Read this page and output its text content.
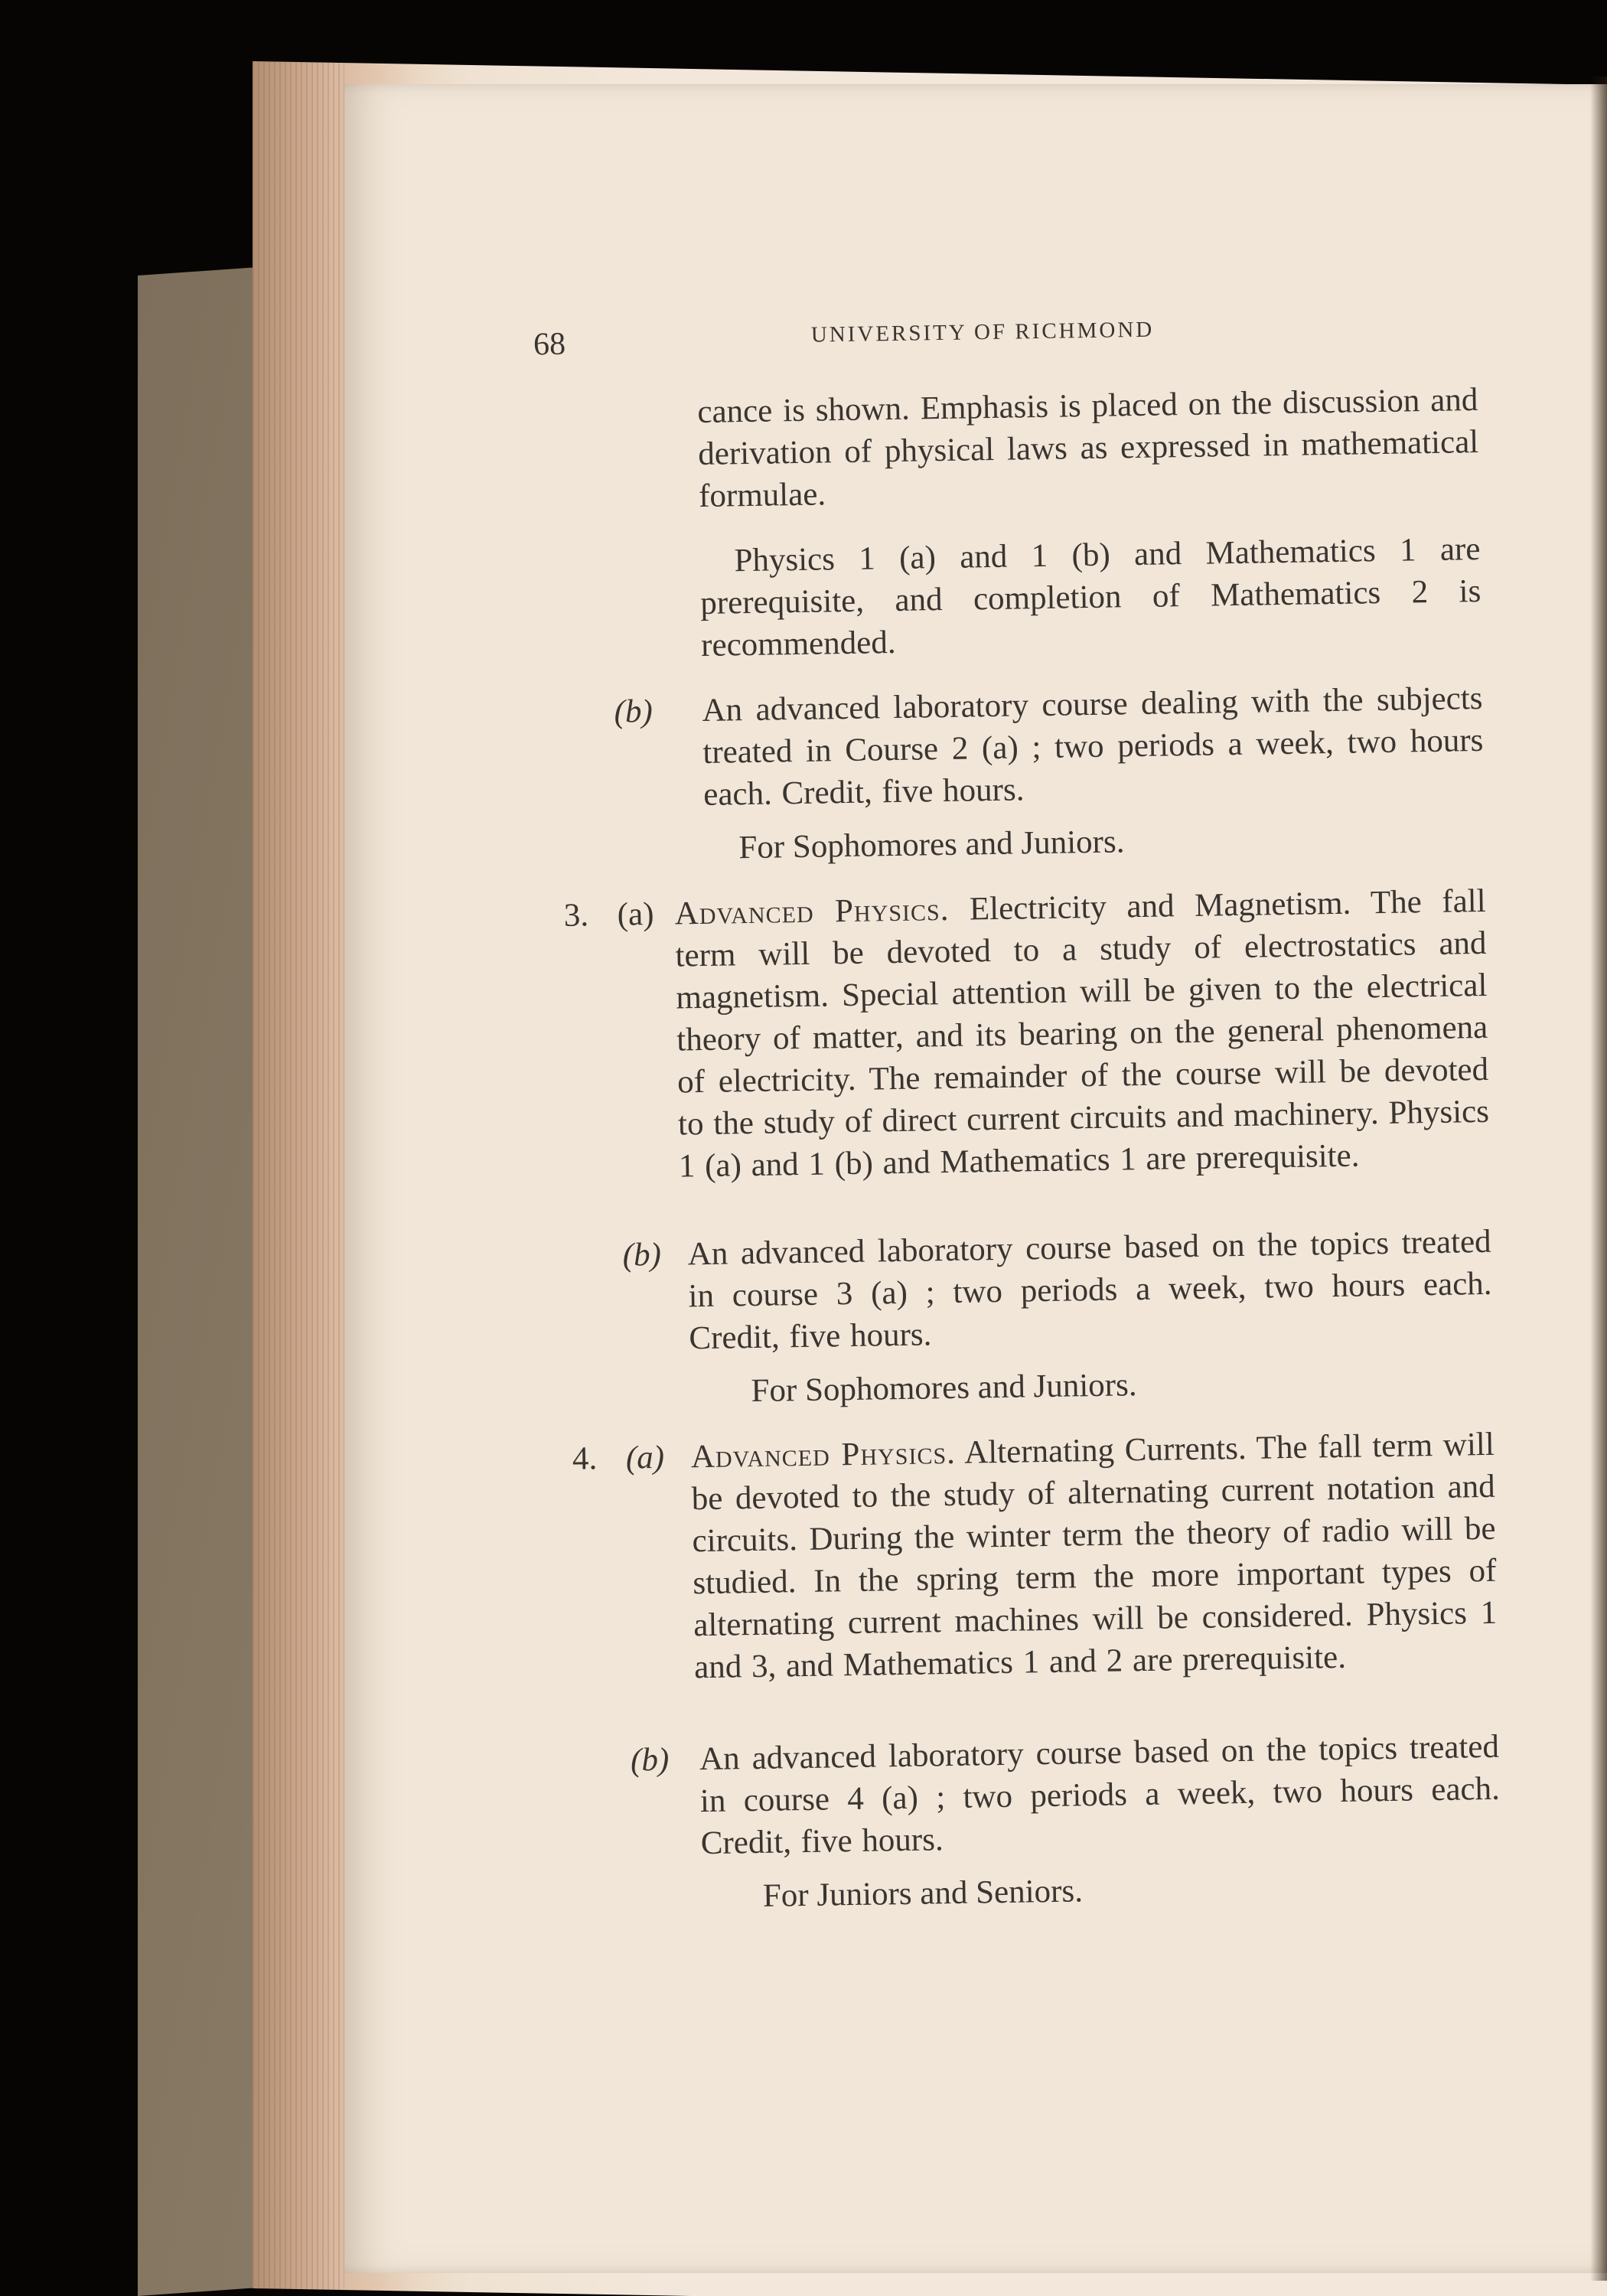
68	UNIVERSITY OF RICHMOND
cance is shown. Emphasis is placed on the discussion and derivation of physical laws as expressed in mathematical formulae.
Physics 1 (a) and 1 (b) and Mathematics 1 are prerequisite, and completion of Mathematics 2 is recommended.
(b) An advanced laboratory course dealing with the subjects treated in Course 2 (a) ; two periods a week, two hours each. Credit, five hours.
For Sophomores and Juniors.
3. (a) Advanced Physics. Electricity and Magnetism. The fall term will be devoted to a study of electrostatics and magnetism. Special attention will be given to the electrical theory of matter, and its bearing on the general phenomena of electricity. The remainder of the course will be devoted to the study of direct current circuits and machinery. Physics 1 (a) and 1 (b) and Mathematics 1 are prerequisite.
(b) An advanced laboratory course based on the topics treated in course 3 (a) ; two periods a week, two hours each. Credit, five hours.
For Sophomores and Juniors.
4. (a) Advanced Physics. Alternating Currents. The fall term will be devoted to the study of alternating current notation and circuits. During the winter term the theory of radio will be studied. In the spring term the more important types of alternating current machines will be considered. Physics 1 and 3, and Mathematics 1 and 2 are prerequisite.
(b) An advanced laboratory course based on the topics treated in course 4 (a) ; two periods a week, two hours each. Credit, five hours.
For Juniors and Seniors.
